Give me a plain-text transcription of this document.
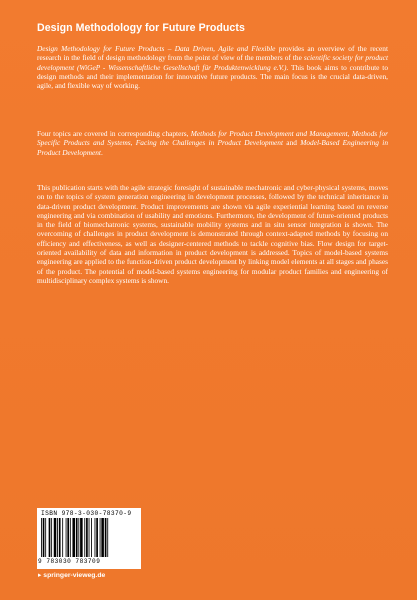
Design Methodology for Future Products

Design Methodology for Future Products – Data Driven, Agile and Flexible provides an overview of the recent research in the field of design methodology from the point of view of the members of the scientific society for product development (WiGeP - Wissenschaftliche Gesellschaft für Produktenwicklung e.V.). This book aims to contribute to design methods and their implementation for innovative future products. The main focus is the crucial data-driven, agile, and flexible way of working.

Four topics are covered in corresponding chapters, Methods for Product Development and Management, Methods for Specific Products and Systems, Facing the Challenges in Product Development and Model-Based Engineering in Product Development.

This publication starts with the agile strategic foresight of sustainable mechatronic and cyber-physical systems, moves on to the topics of system generation engineering in development processes, followed by the technical inheritance in data-driven product development. Product improvements are shown via agile experiential learning based on reverse engineering and via combination of usability and emotions. Furthermore, the development of future-oriented products in the field of biomechatronic systems, sustainable mobility systems and in situ sensor integration is shown. The overcoming of challenges in product development is demonstrated through context-adapted methods by focusing on efficiency and effectiveness, as well as designer-centered methods to tackle cognitive bias. Flow design for target-oriented availability of data and information in product development is addressed. Topics of model-based systems engineering are applied to the function-driven product development by linking model elements at all stages and phases of the product. The potential of model-based systems engineering for modular product families and engineering of multidisciplinary complex systems is shown.

ISBN 978-3-030-78370-9
9 783030 783709
▸ springer-vieweg.de
